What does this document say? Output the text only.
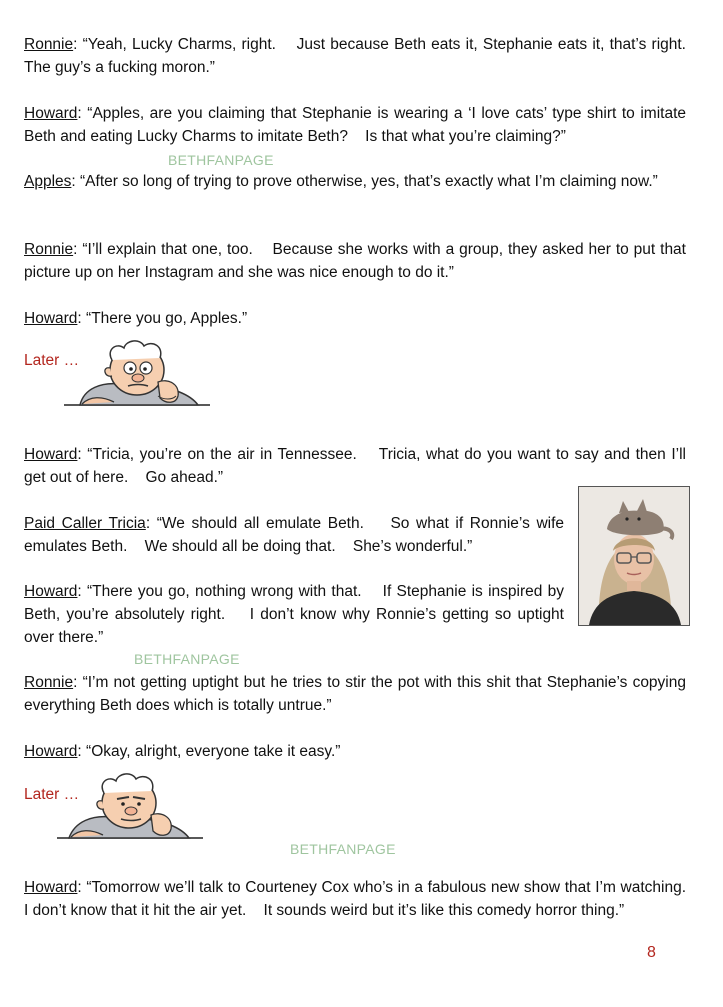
Ronnie: “Yeah, Lucky Charms, right.    Just because Beth eats it, Stephanie eats it, that’s right.    The guy’s a fucking moron.”

Howard: “Apples, are you claiming that Stephanie is wearing a ‘I love cats’ type shirt to imitate Beth and eating Lucky Charms to imitate Beth?    Is that what you’re claiming?”

BETHFANPAGE

Apples: “After so long of trying to prove otherwise, yes, that’s exactly what I’m claiming now.”

Ronnie: “I’ll explain that one, too.    Because she works with a group, they asked her to put that picture up on her Instagram and she was nice enough to do it.”

Howard: “There you go, Apples.”

Later …

Howard: “Tricia, you’re on the air in Tennessee.    Tricia, what do you want to say and then I’ll get out of here.    Go ahead.”

Paid Caller Tricia: “We should all emulate Beth.    So what if Ronnie’s wife emulates Beth.    We should all be doing that.    She’s wonderful.”

Howard: “There you go, nothing wrong with that.    If Stephanie is inspired by Beth, you’re absolutely right.    I don’t know why Ronnie’s getting so uptight over there.”

BETHFANPAGE

Ronnie: “I’m not getting uptight but he tries to stir the pot with this shit that Stephanie’s copying everything Beth does which is totally untrue.”

Howard: “Okay, alright, everyone take it easy.”

Later …
BETHFANPAGE

Howard: “Tomorrow we’ll talk to Courteney Cox who’s in a fabulous new show that I’m watching.    I don’t know that it hit the air yet.    It sounds weird but it’s like this comedy horror thing.”

8
